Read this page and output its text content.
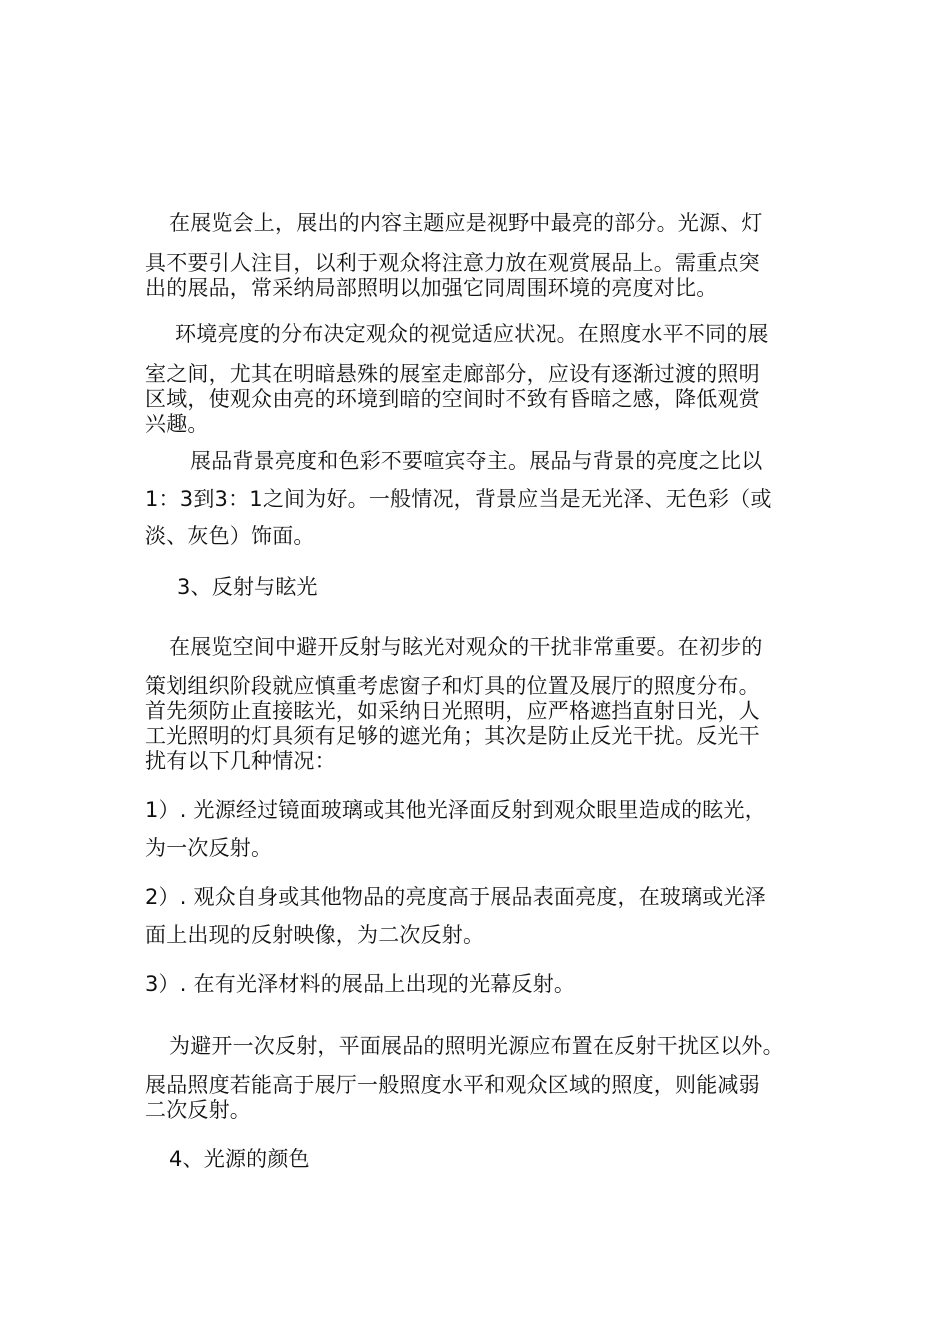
在展览会上，展出的内容主题应是视野中最亮的部分。光源、灯
具不要引人注目，以利于观众将注意力放在观赏展品上。需重点突
出的展品，常采纳局部照明以加强它同周围环境的亮度对比。
环境亮度的分布决定观众的视觉适应状况。在照度水平不同的展
室之间，尤其在明暗悬殊的展室走廊部分，应设有逐渐过渡的照明
区域，使观众由亮的环境到暗的空间时不致有昏暗之感，降低观赏
兴趣。
展品背景亮度和色彩不要喧宾夺主。展品与背景的亮度之比以
1：3到3：1之间为好。一般情况，背景应当是无光泽、无色彩（或
淡、灰色）饰面。
3、反射与眩光
在展览空间中避开反射与眩光对观众的干扰非常重要。在初步的
策划组织阶段就应慎重考虑窗子和灯具的位置及展厅的照度分布。
首先须防止直接眩光，如采纳日光照明，应严格遮挡直射日光，人
工光照明的灯具须有足够的遮光角；其次是防止反光干扰。反光干
扰有以下几种情况：
1）. 光源经过镜面玻璃或其他光泽面反射到观众眼里造成的眩光，
为一次反射。
2）. 观众自身或其他物品的亮度高于展品表面亮度，在玻璃或光泽
面上出现的反射映像，为二次反射。
3）. 在有光泽材料的展品上出现的光幕反射。
为避开一次反射，平面展品的照明光源应布置在反射干扰区以外。
展品照度若能高于展厅一般照度水平和观众区域的照度，则能减弱
二次反射。
4、光源的颜色
